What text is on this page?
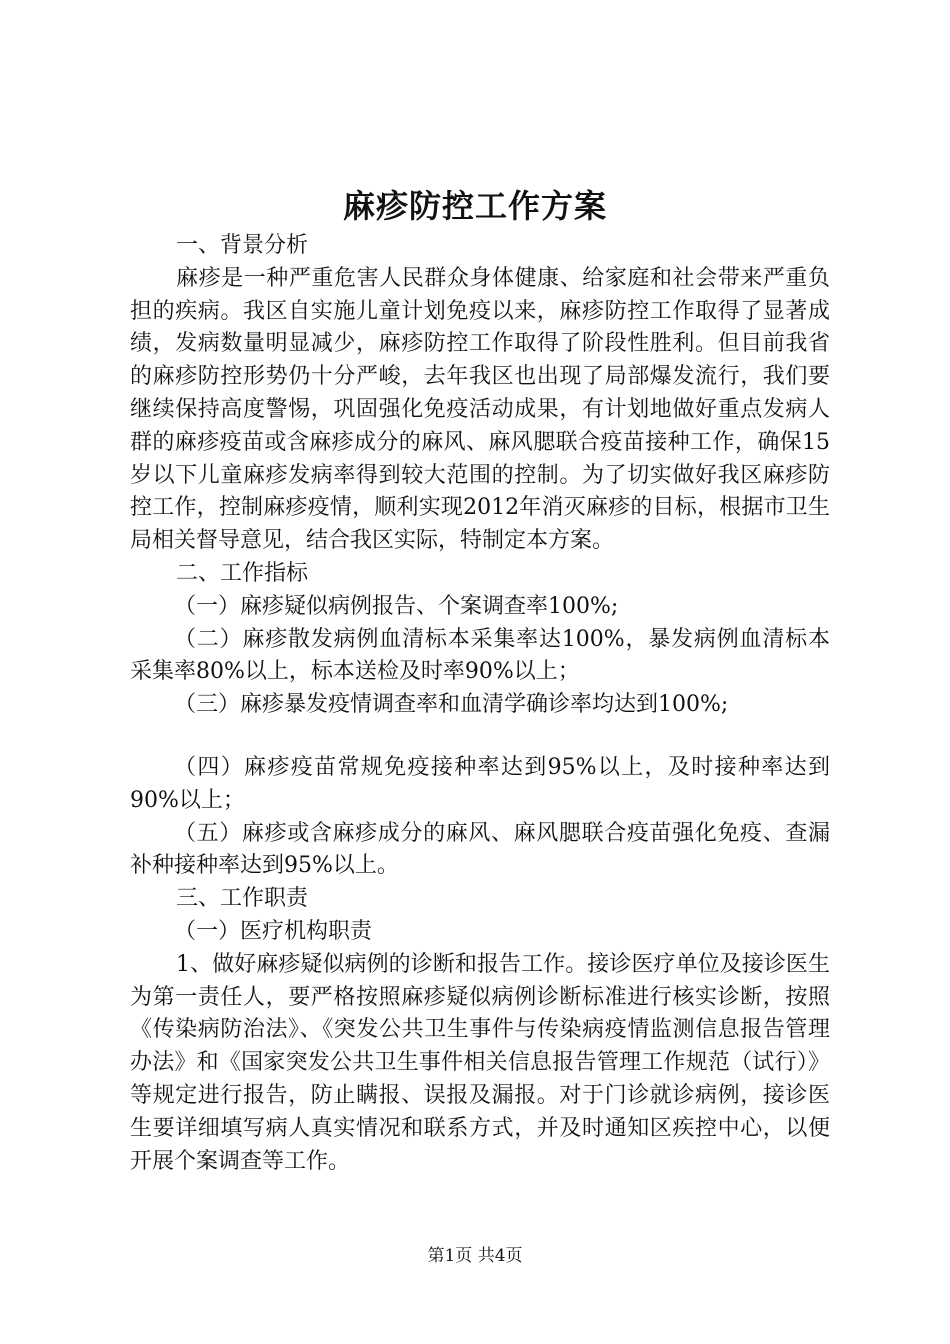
麻疹防控工作方案

一、背景分析

麻疹是一种严重危害人民群众身体健康、给家庭和社会带来严重负担的疾病。我区自实施儿童计划免疫以来，麻疹防控工作取得了显著成绩，发病数量明显减少，麻疹防控工作取得了阶段性胜利。但目前我省的麻疹防控形势仍十分严峻，去年我区也出现了局部爆发流行，我们要继续保持高度警惕，巩固强化免疫活动成果，有计划地做好重点发病人群的麻疹疫苗或含麻疹成分的麻风、麻风腮联合疫苗接种工作，确保15岁以下儿童麻疹发病率得到较大范围的控制。为了切实做好我区麻疹防控工作，控制麻疹疫情，顺利实现2012年消灭麻疹的目标，根据市卫生局相关督导意见，结合我区实际，特制定本方案。

二、工作指标

（一）麻疹疑似病例报告、个案调查率100%;

（二）麻疹散发病例血清标本采集率达100%，暴发病例血清标本采集率80%以上，标本送检及时率90%以上；

（三）麻疹暴发疫情调查率和血清学确诊率均达到100%;

（四）麻疹疫苗常规免疫接种率达到95%以上，及时接种率达到90%以上；

（五）麻疹或含麻疹成分的麻风、麻风腮联合疫苗强化免疫、查漏补种接种率达到95%以上。

三、工作职责

（一）医疗机构职责

1、做好麻疹疑似病例的诊断和报告工作。接诊医疗单位及接诊医生为第一责任人，要严格按照麻疹疑似病例诊断标准进行核实诊断，按照《传染病防治法》、《突发公共卫生事件与传染病疫情监测信息报告管理办法》和《国家突发公共卫生事件相关信息报告管理工作规范（试行）》等规定进行报告，防止瞒报、误报及漏报。对于门诊就诊病例，接诊医生要详细填写病人真实情况和联系方式，并及时通知区疾控中心，以便开展个案调查等工作。

第1页 共4页
